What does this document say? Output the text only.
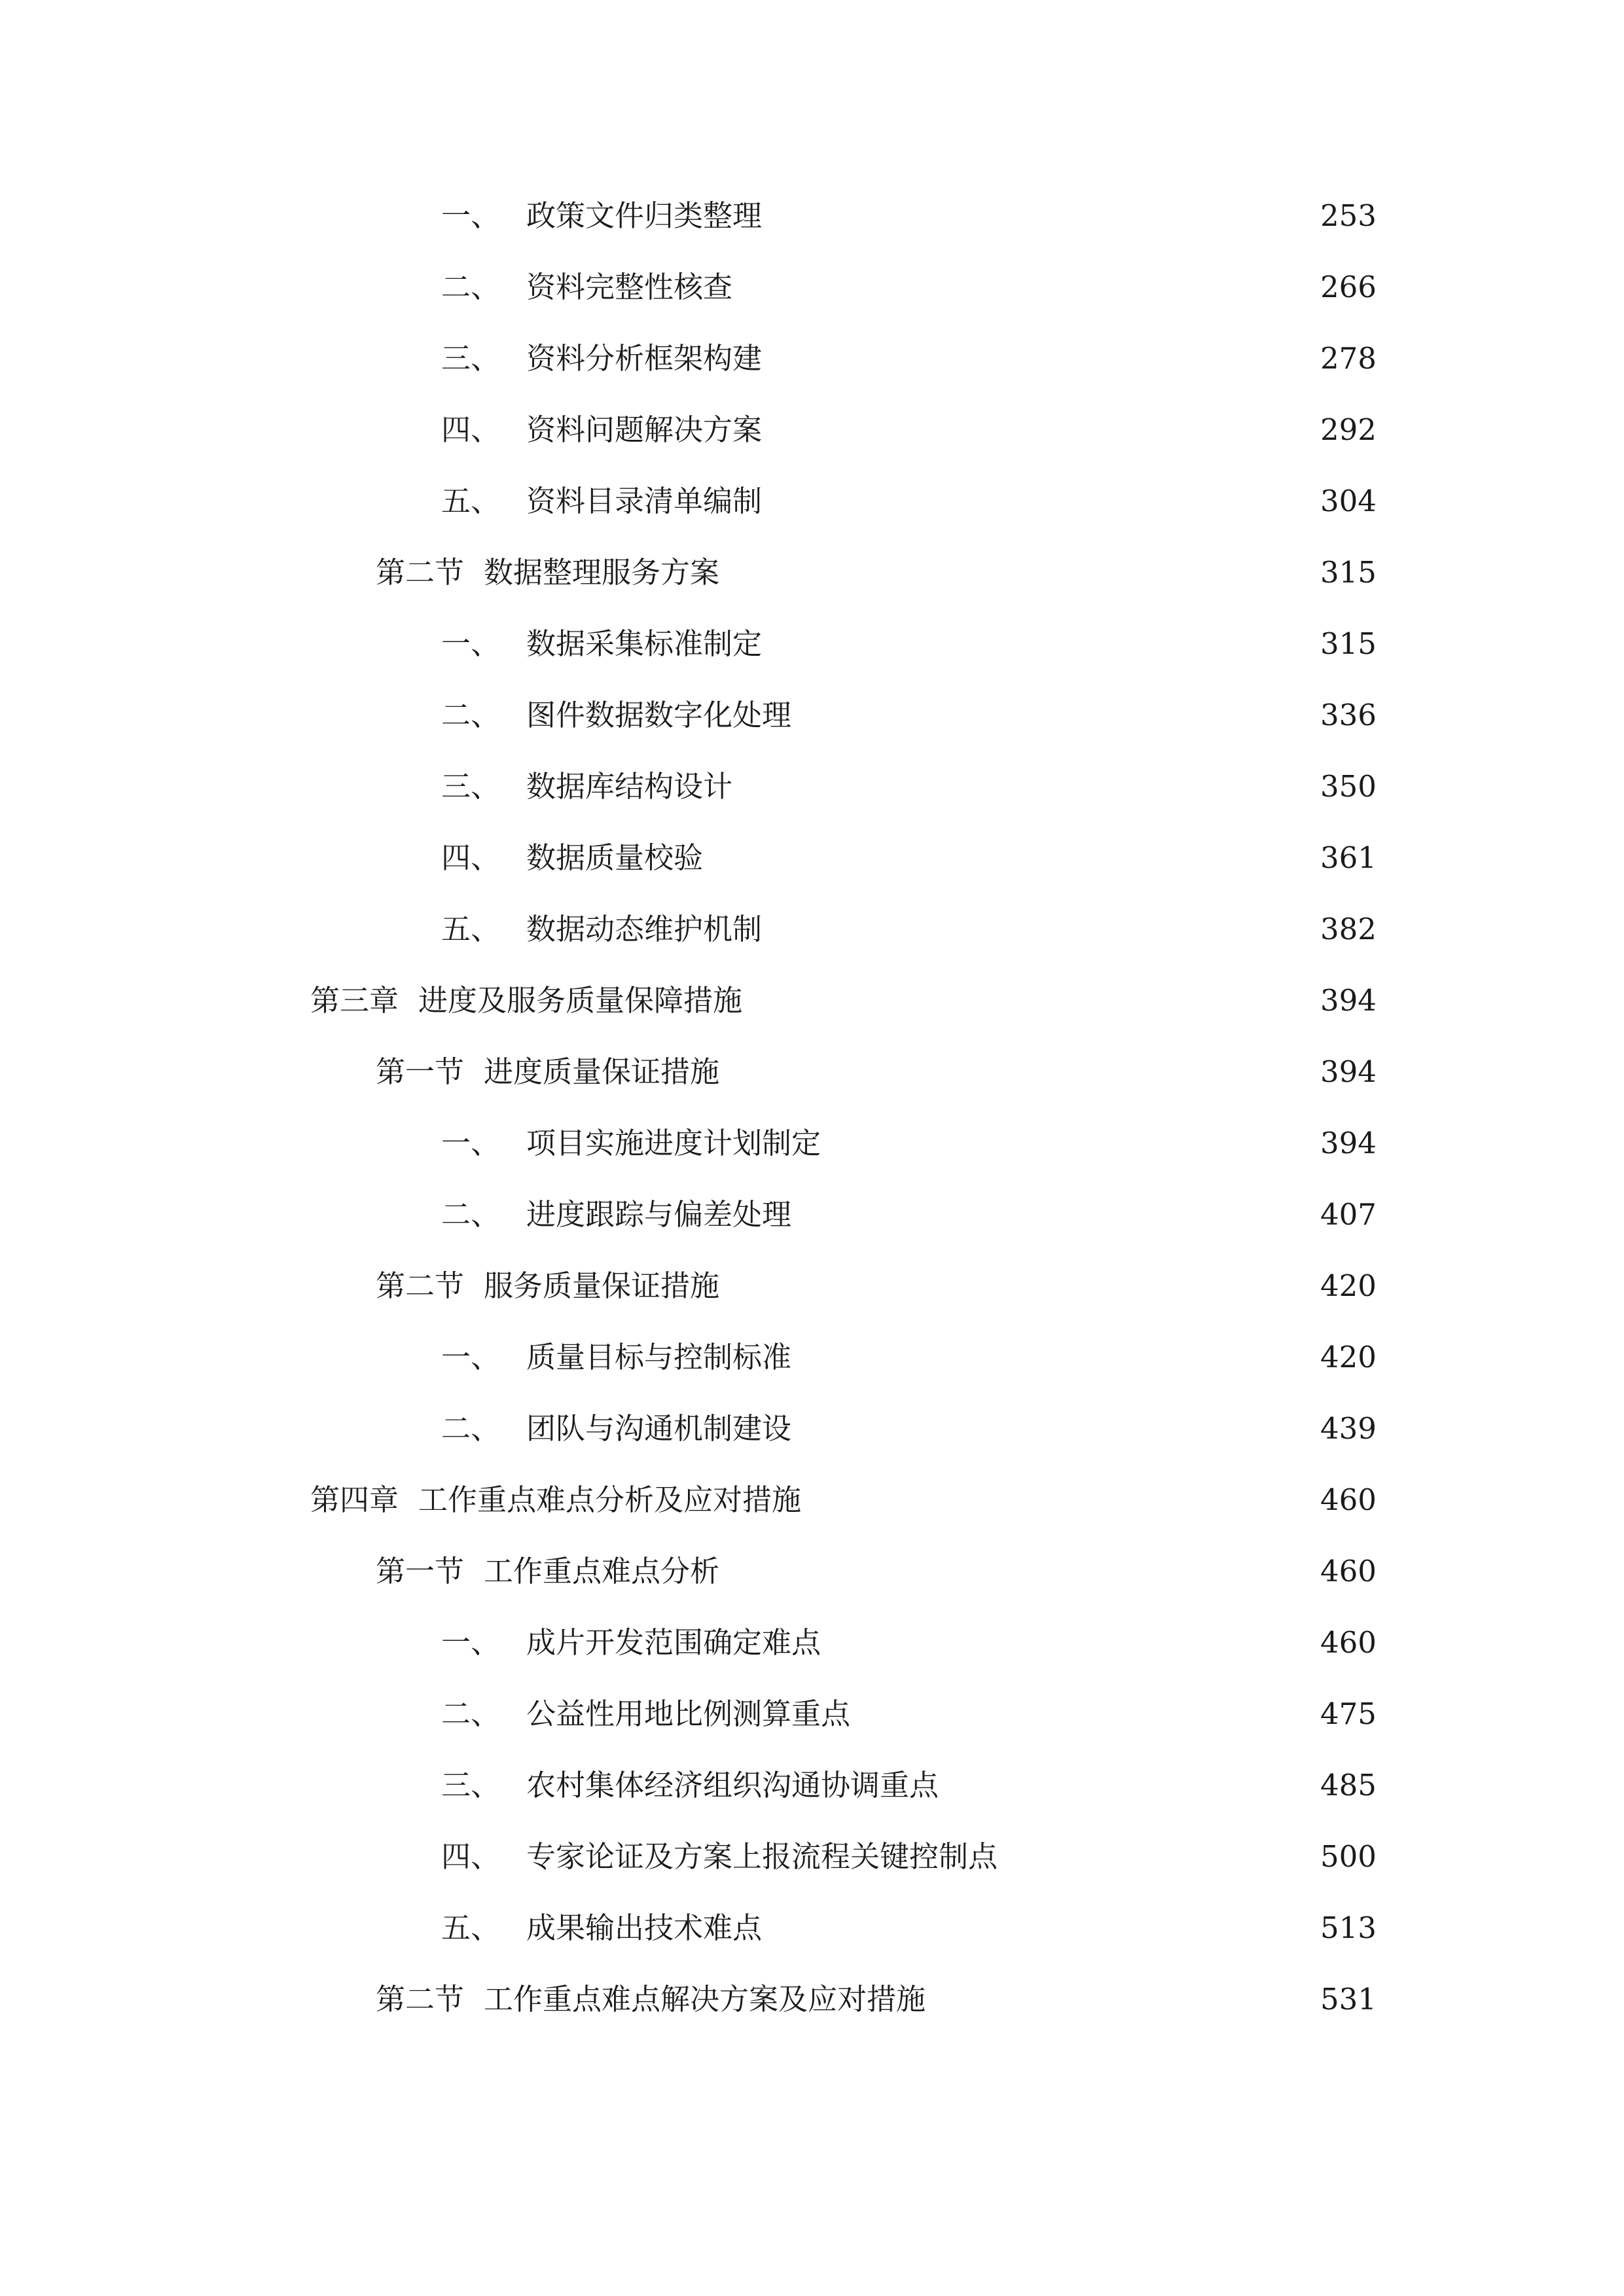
一、 政策文件归类整理	253
二、 资料完整性核查	266
三、 资料分析框架构建	278
四、 资料问题解决方案	292
五、 资料目录清单编制	304
第二节 数据整理服务方案	315
一、 数据采集标准制定	315
二、 图件数据数字化处理	336
三、 数据库结构设计	350
四、 数据质量校验	361
五、 数据动态维护机制	382
第三章 进度及服务质量保障措施	394
第一节 进度质量保证措施	394
一、 项目实施进度计划制定	394
二、 进度跟踪与偏差处理	407
第二节 服务质量保证措施	420
一、 质量目标与控制标准	420
二、 团队与沟通机制建设	439
第四章 工作重点难点分析及应对措施	460
第一节 工作重点难点分析	460
一、 成片开发范围确定难点	460
二、 公益性用地比例测算重点	475
三、 农村集体经济组织沟通协调重点	485
四、 专家论证及方案上报流程关键控制点	500
五、 成果输出技术难点	513
第二节 工作重点难点解决方案及应对措施	531
